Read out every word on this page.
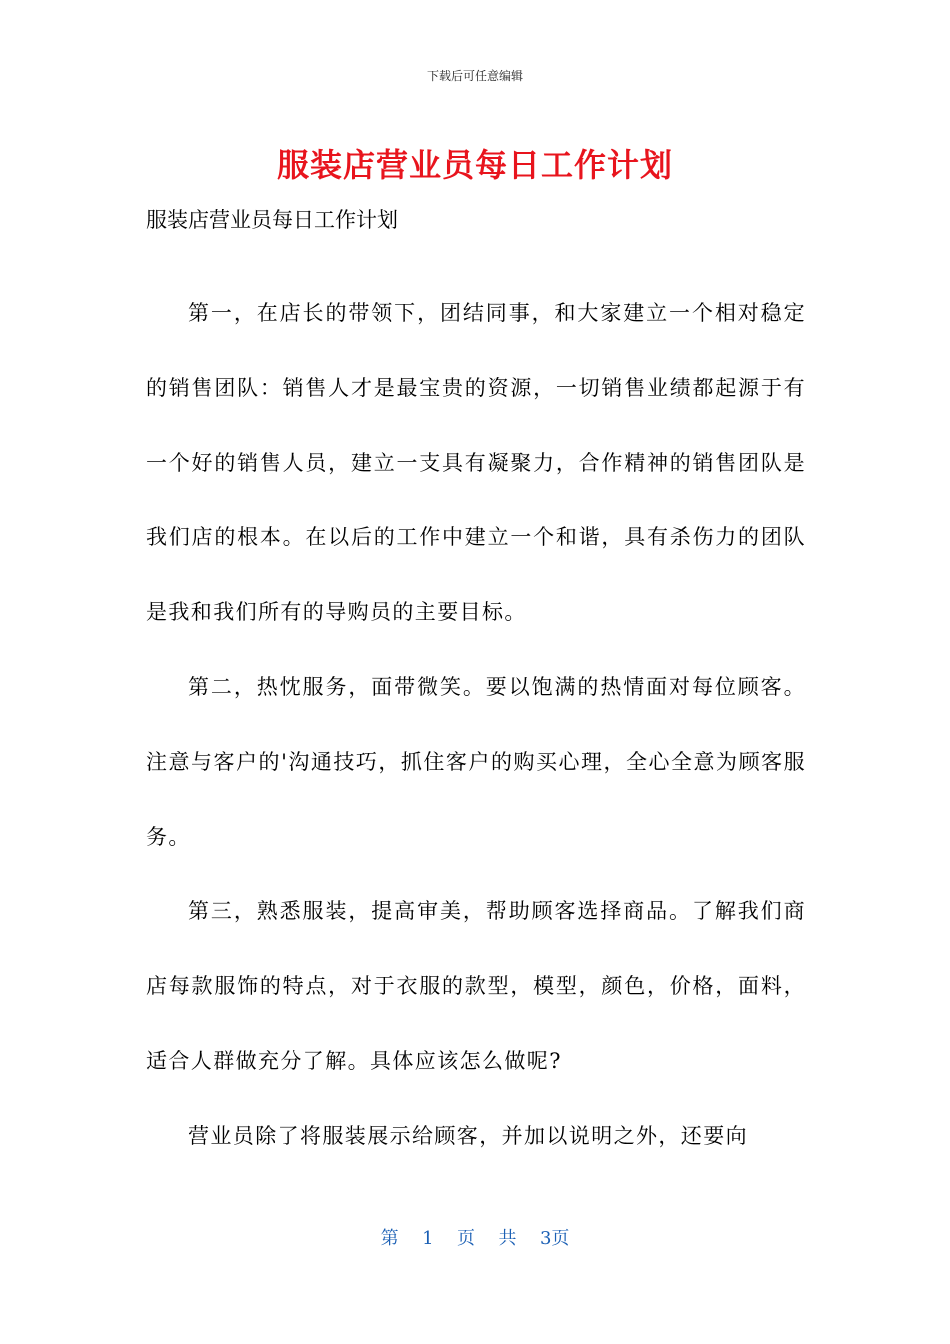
下载后可任意编辑
服装店营业员每日工作计划
服装店营业员每日工作计划

第一，在店长的带领下，团结同事，和大家建立一个相对稳定的销售团队：销售人才是最宝贵的资源，一切销售业绩都起源于有一个好的销售人员，建立一支具有凝聚力，合作精神的销售团队是我们店的根本。在以后的工作中建立一个和谐，具有杀伤力的团队是我和我们所有的导购员的主要目标。

第二，热忱服务，面带微笑。要以饱满的热情面对每位顾客。注意与客户的'沟通技巧，抓住客户的购买心理，全心全意为顾客服务。

第三，熟悉服装，提高审美，帮助顾客选择商品。了解我们商店每款服饰的特点，对于衣服的款型，模型，颜色，价格，面料，适合人群做充分了解。具体应该怎么做呢?

营业员除了将服装展示给顾客，并加以说明之外，还要向

第 1 页 共 3页
